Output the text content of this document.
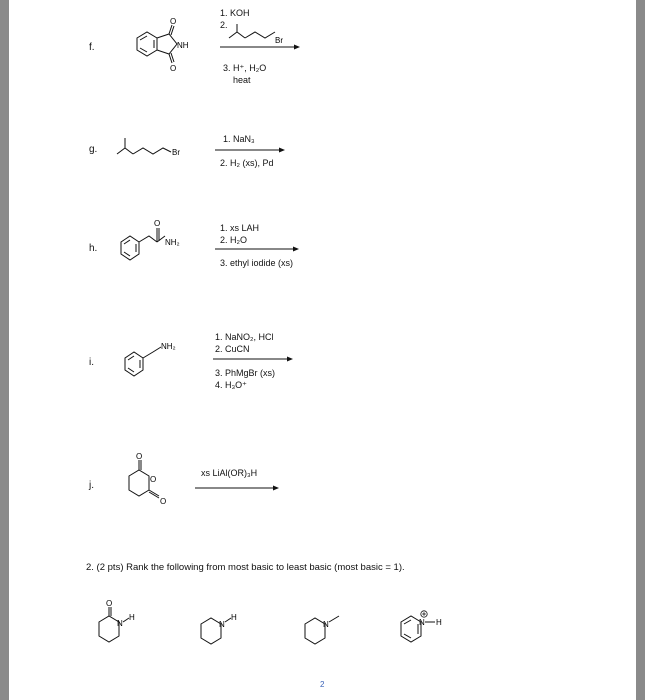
f.	NH
O
O
1. KOH
2.
Br
3. H⁺, H₂O
heat
g.	Br
1. NaN₃
2. H₂ (xs), Pd
h.
O
NH₂
1. xs LAH
2. H₂O
3. ethyl iodide (xs)
i.
NH₂
1. NaNO₂, HCl
2. CuCN
3. PhMgBr (xs)
4. H₃O⁺
j.
O
O
O
xs LiAl(OR)₃H
2. (2 pts) Rank the following from most basic to least basic (most basic = 1).
O
N
H
N
H
N	N H
2
